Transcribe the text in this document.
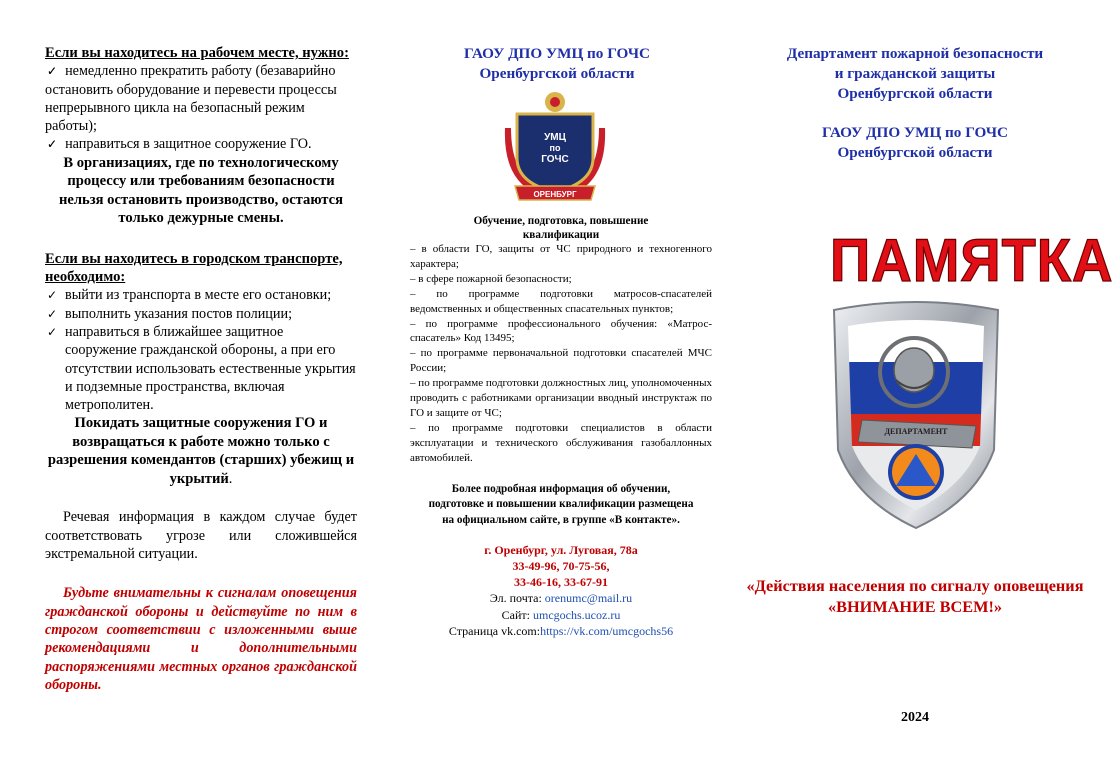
Если вы находитесь на рабочем месте, нужно:
✓ ✓ немедленно прекратить работу (безаварийно остановить оборудование и перевести процессы непрерывного цикла на безопасный режим работы);
✓ ✓ направиться в защитное сооружение ГО.
В организациях, где по технологическому процессу или требованиям безопасности нельзя остановить производство, остаются только дежурные смены.
Если вы находитесь в городском транспорте, необходимо:
✓ выйти из транспорта в месте его остановки;
✓ выполнить указания постов полиции;
✓ направиться в ближайшее защитное сооружение гражданской обороны, а при его отсутствии использовать естественные укрытия и подземные пространства, включая метрополитен.
Покидать защитные сооружения ГО и возвращаться к работе можно только с разрешения комендантов (старших) убежищ и укрытий.
Речевая информация в каждом случае будет соответствовать угрозе или сложившейся экстремальной ситуации.
Будьте внимательны к сигналам оповещения гражданской обороны и действуйте по ним в строгом соответствии с изложенными выше рекомендациями и дополнительными распоряжениями местных органов гражданской обороны.
ГАОУ ДПО УМЦ по ГОЧС
Оренбургской области
УМЦ
по
ГОЧС
ОРЕНБУРГ
Обучение, подготовка, повышение квалификации
– в области ГО, защиты от ЧС природного и техногенного характера;
– в сфере пожарной безопасности;
– по программе подготовки матросов-спасателей ведомственных и общественных спасательных пунктов;
– по программе профессионального обучения: «Матрос-спасатель» Код 13495;
– по программе первоначальной подготовки спасателей МЧС России;
– по программе подготовки должностных лиц, уполномоченных проводить с работниками организации вводный инструктаж по ГО и защите от ЧС;
– по программе подготовки специалистов в области эксплуатации и технического обслуживания газобаллонных автомобилей.
Более подробная информация об обучении, подготовке и повышении квалификации размещена на официальном сайте, в группе «В контакте».
г. Оренбург, ул. Луговая, 78а
33-49-96, 70-75-56,
33-46-16, 33-67-91
Эл. почта: orenumc@mail.ru
Сайт: umcgochs.ucoz.ru
Страница vk.com:https://vk.com/umcgochs56
Департамент пожарной безопасности
и гражданской защиты
Оренбургской области
ГАОУ ДПО УМЦ по ГОЧС
Оренбургской области
ПАМЯТКА
ДЕПАРТАМЕНТ
«Действия населения по сигналу оповещения «ВНИМАНИЕ ВСЕМ!»
2024
